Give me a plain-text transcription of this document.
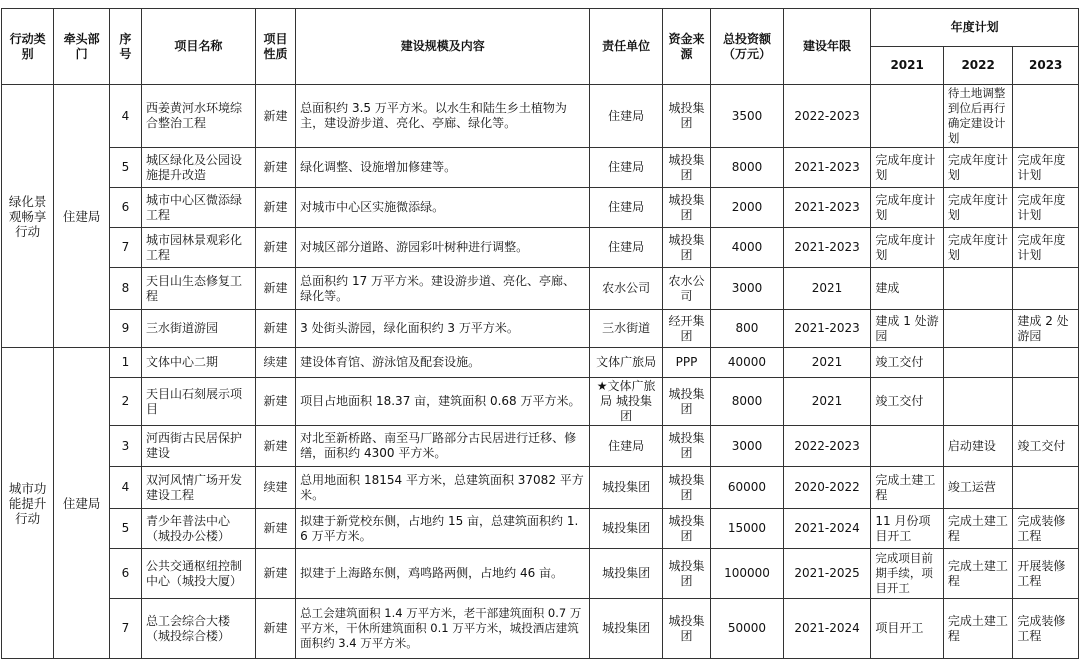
行动类别	牵头部门	序号	项目名称	项目性质	建设规模及内容	责任单位	资金来源	总投资额（万元）	建设年限	年度计划		
										2021	2022	2023
绿化景观畅享行动	住建局	4	西姜黄河水环境综合整治工程	新建	总面积约 3.5 万平方米。以水生和陆生乡土植物为主，建设游步道、亮化、亭廊、绿化等。	住建局	城投集团	3500	2022-2023		待土地调整到位后再行确定建设计划	
		5	城区绿化及公园设施提升改造	新建	绿化调整、设施增加修建等。	住建局	城投集团	8000	2021-2023	完成年度计划	完成年度计划	完成年度计划
		6	城市中心区微添绿工程	新建	对城市中心区实施微添绿。	住建局	城投集团	2000	2021-2023	完成年度计划	完成年度计划	完成年度计划
		7	城市园林景观彩化工程	新建	对城区部分道路、游园彩叶树种进行调整。	住建局	城投集团	4000	2021-2023	完成年度计划	完成年度计划	完成年度计划
		8	天目山生态修复工程	新建	总面积约 17 万平方米。建设游步道、亮化、亭廊、绿化等。	农水公司	农水公司	3000	2021	建成		
		9	三水街道游园	新建	3 处街头游园，绿化面积约 3 万平方米。	三水街道	经开集团	800	2021-2023	建成 1 处游园		建成 2 处游园
城市功能提升行动	住建局	1	文体中心二期	续建	建设体育馆、游泳馆及配套设施。	文体广旅局	PPP	40000	2021	竣工交付		
		2	天目山石刻展示项目	新建	项目占地面积 18.37 亩，建筑面积 0.68 万平方米。	★文体广旅局 城投集团	城投集团	8000	2021	竣工交付		
		3	河西街古民居保护建设	新建	对北至新桥路、南至马厂路部分古民居进行迁移、修缮，面积约 4300 平方米。	住建局	城投集团	3000	2022-2023		启动建设	竣工交付
		4	双河风情广场开发建设工程	续建	总用地面积 18154 平方米，总建筑面积 37082 平方米。	城投集团	城投集团	60000	2020-2022	完成土建工程	竣工运营	
		5	青少年普法中心（城投办公楼）	新建	拟建于新党校东侧，占地约 15 亩，总建筑面积约 1.6 万平方米。	城投集团	城投集团	15000	2021-2024	11 月份项目开工	完成土建工程	完成装修工程
		6	公共交通枢纽控制中心（城投大厦）	新建	拟建于上海路东侧，鸡鸣路两侧，占地约 46 亩。	城投集团	城投集团	100000	2021-2025	完成项目前期手续，项目开工	完成土建工程	开展装修工程
		7	总工会综合大楼（城投综合楼）	新建	总工会建筑面积 1.4 万平方米，老干部建筑面积 0.7 万平方米，干休所建筑面积 0.1 万平方米，城投酒店建筑面积约 3.4 万平方米。	城投集团	城投集团	50000	2021-2024	项目开工	完成土建工程	完成装修工程
